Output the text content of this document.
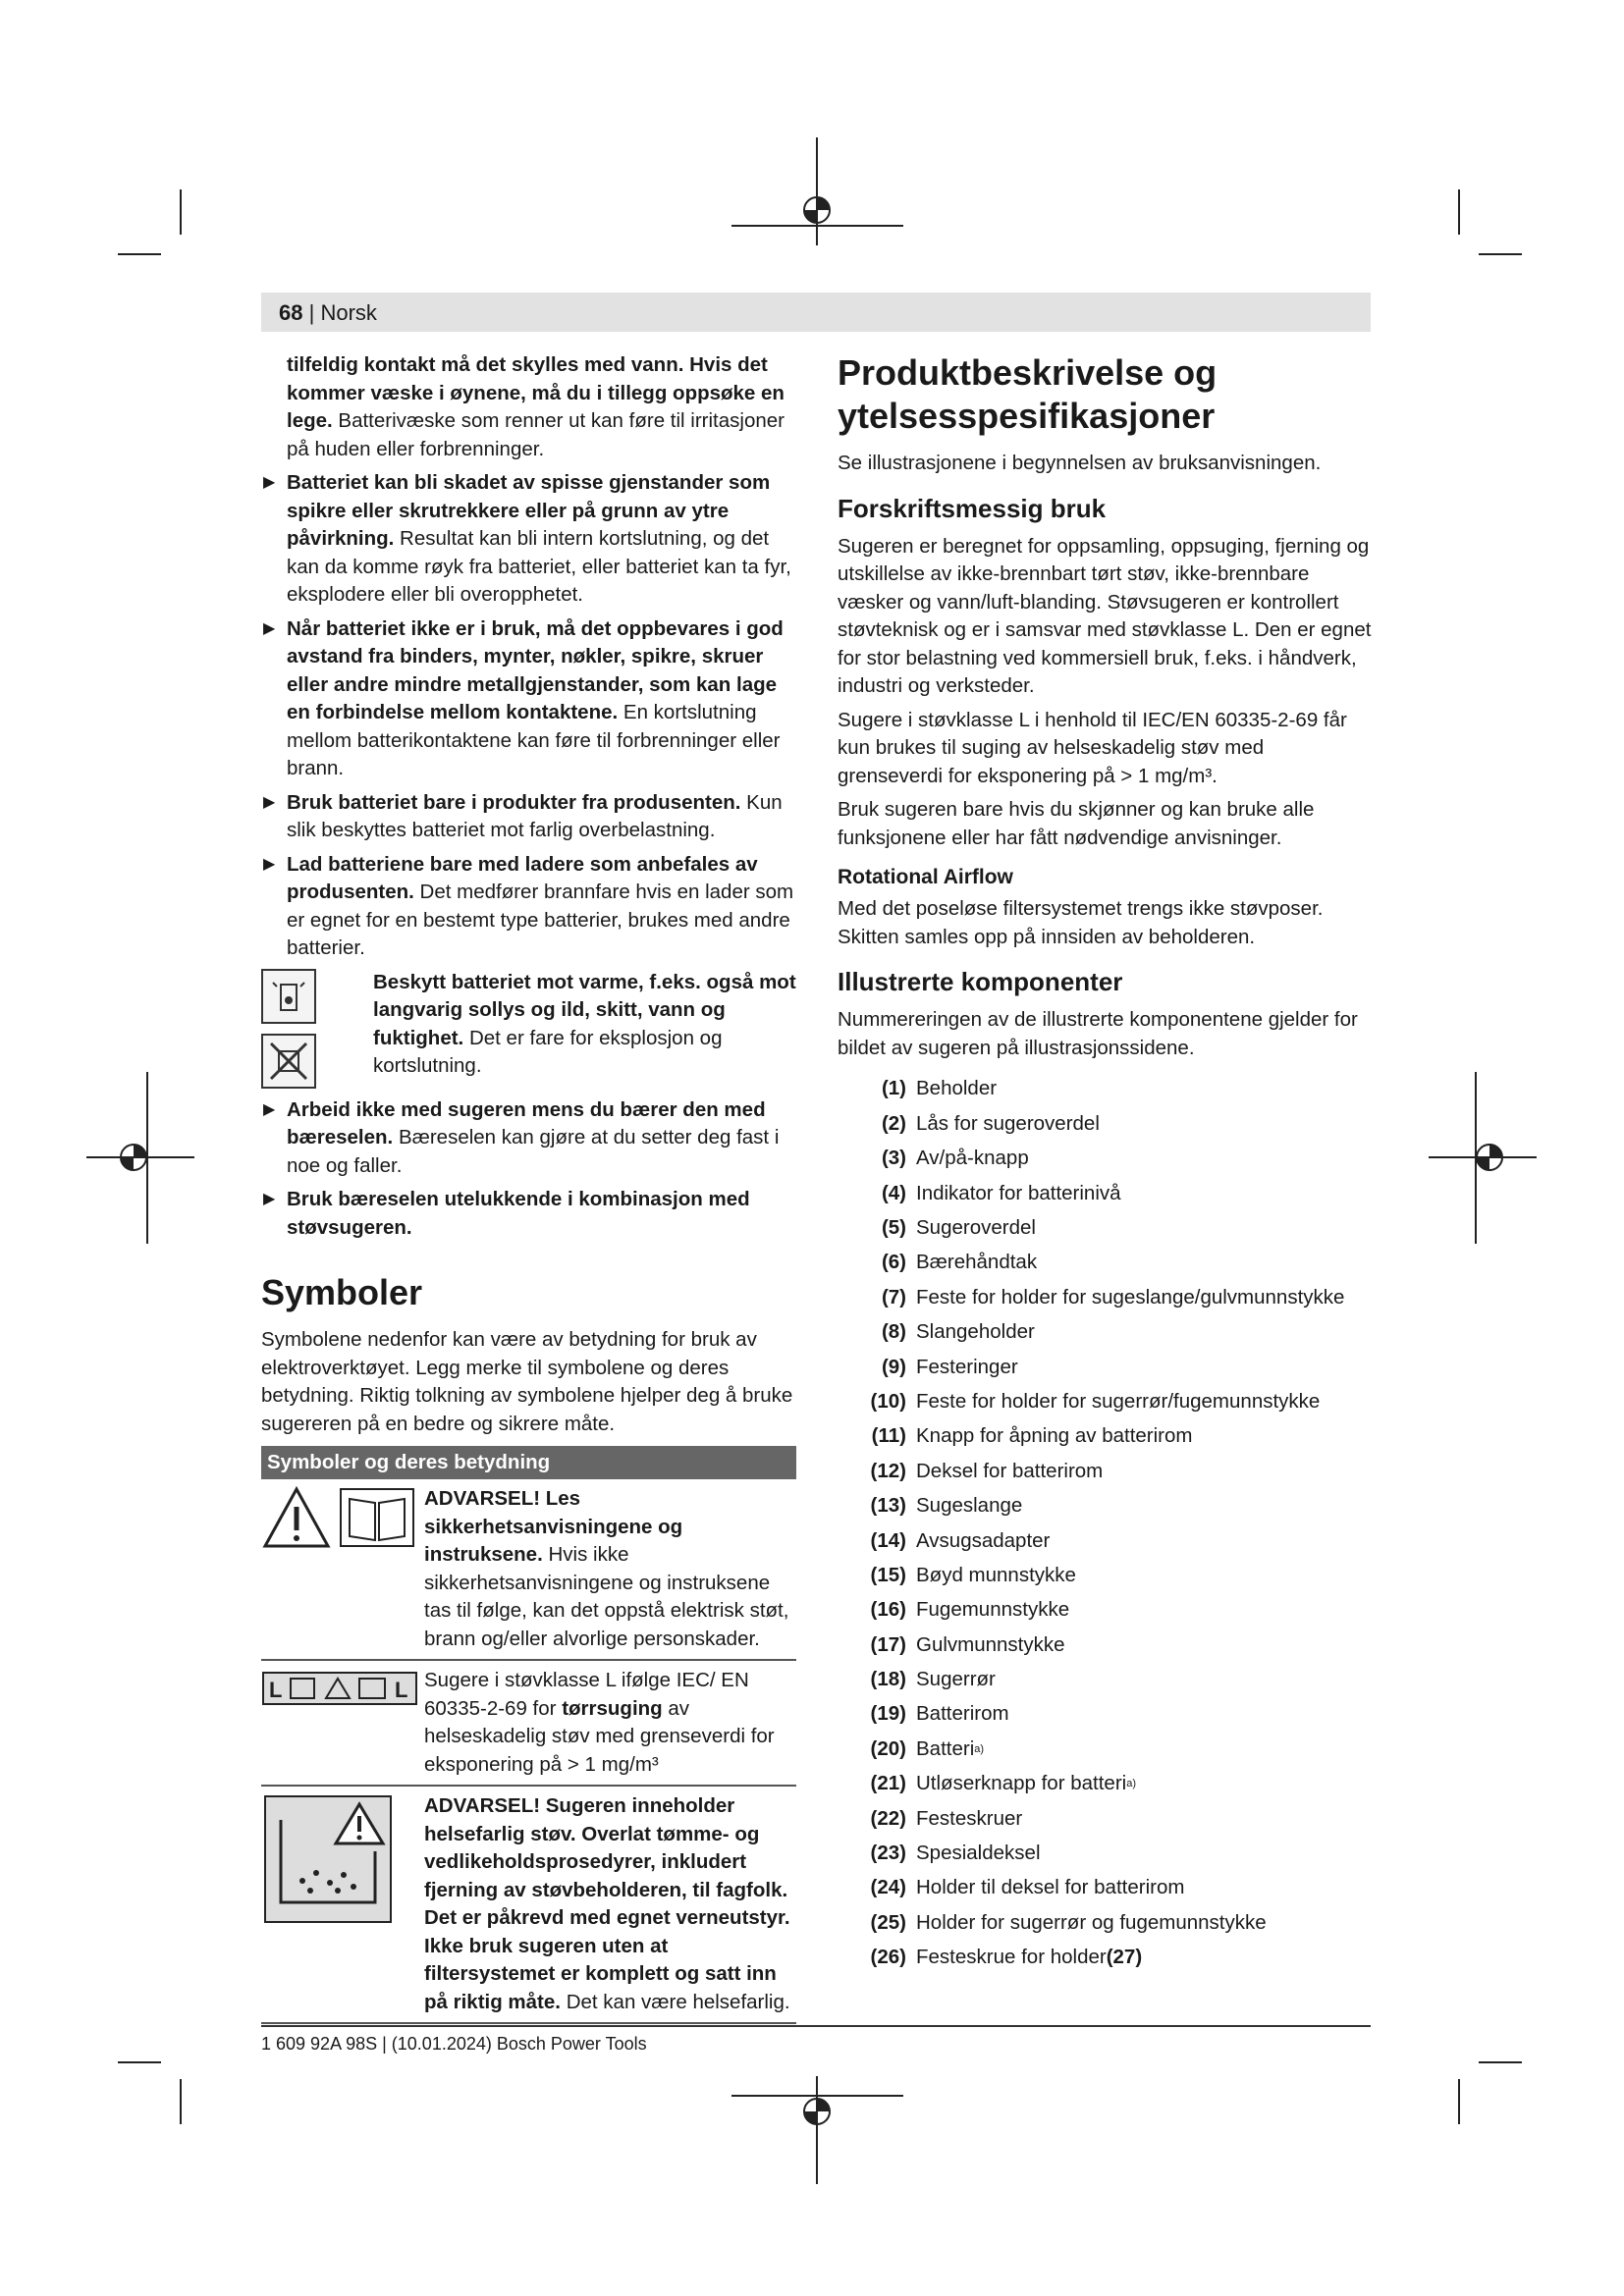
68 | Norsk

tilfeldig kontakt må det skylles med vann. Hvis det kommer væske i øynene, må du i tillegg oppsøke en lege. Batterivæske som renner ut kan føre til irritasjoner på huden eller forbrenninger.

▶ Batteriet kan bli skadet av spisse gjenstander som spikre eller skrutrekkere eller på grunn av ytre påvirkning. Resultat kan bli intern kortslutning, og det kan da komme røyk fra batteriet, eller batteriet kan ta fyr, eksplodere eller bli overopphetet.
▶ Når batteriet ikke er i bruk, må det oppbevares i god avstand fra binders, mynter, nøkler, spikre, skruer eller andre mindre metallgjenstander, som kan lage en forbindelse mellom kontaktene. En kortslutning mellom batterikontaktene kan føre til forbrenninger eller brann.
▶ Bruk batteriet bare i produkter fra produsenten. Kun slik beskyttes batteriet mot farlig overbelastning.
▶ Lad batteriene bare med ladere som anbefales av produsenten. Det medfører brannfare hvis en lader som er egnet for en bestemt type batterier, brukes med andre batterier.
Beskytt batteriet mot varme, f.eks. også mot langvarig sollys og ild, skitt, vann og fuktighet. Det er fare for eksplosjon og kortslutning.
▶ Arbeid ikke med sugeren mens du bærer den med bæreselen. Bæreselen kan gjøre at du setter deg fast i noe og faller.
▶ Bruk bæreselen utelukkende i kombinasjon med støvsugeren.
Symboler

Symbolene nedenfor kan være av betydning for bruk av elektroverktøyet. Legg merke til symbolene og deres betydning. Riktig tolkning av symbolene hjelper deg å bruke sugereren på en bedre og sikrere måte.

Symboler og deres betydning
ADVARSEL! Les sikkerhetsanvisningene og instruksene. Hvis ikke sikkerhetsanvisningene og instruksene tas til følge, kan det oppstå elektrisk støt, brann og/eller alvorlige personskader.
L	L Sugere i støvklasse L ifølge IEC/ EN 60335-2-69 for tørrsuging av helseskadelig støv med grenseverdi for eksponering på > 1 mg/m³
ADVARSEL! Sugeren inneholder helsefarlig støv. Overlat tømme- og vedlikeholdsprosedyrer, inkludert fjerning av støvbeholderen, til fagfolk. Det er påkrevd med egnet verneutstyr. Ikke bruk sugeren uten at filtersystemet er komplett og satt inn på riktig måte. Det kan være helsefarlig.
Produktbeskrivelse og ytelsesspesifikasjoner

Se illustrasjonene i begynnelsen av bruksanvisningen.

Forskriftsmessig bruk

Sugeren er beregnet for oppsamling, oppsuging, fjerning og utskillelse av ikke-brennbart tørt støv, ikke-brennbare væsker og vann/luft-blanding. Støvsugeren er kontrollert støvteknisk og er i samsvar med støvklasse L. Den er egnet for stor belastning ved kommersiell bruk, f.eks. i håndverk, industri og verksteder.

Sugere i støvklasse L i henhold til IEC/EN 60335-2-69 får kun brukes til suging av helseskadelig støv med grenseverdi for eksponering på > 1 mg/m³.

Bruk sugeren bare hvis du skjønner og kan bruke alle funksjonene eller har fått nødvendige anvisninger.

Rotational Airflow

Med det poseløse filtersystemet trengs ikke støvposer. Skitten samles opp på innsiden av beholderen.

Illustrerte komponenter

Nummereringen av de illustrerte komponentene gjelder for bildet av sugeren på illustrasjonssidene.

(1) Beholder
(2) Lås for sugeroverdel
(3) Av/på-knapp
(4) Indikator for batterinivå
(5) Sugeroverdel
(6) Bærehåndtak
(7) Feste for holder for sugeslange/gulvmunnstykke
(8) Slangeholder
(9) Festeringer
(10) Feste for holder for sugerrør/fugemunnstykke
(11) Knapp for åpning av batterirom
(12) Deksel for batterirom
(13) Sugeslange
(14) Avsugsadapter
(15) Bøyd munnstykke
(16) Fugemunnstykke
(17) Gulvmunnstykke
(18) Sugerrør
(19) Batterirom
(20) Batteri a)
(21) Utløserknapp for batteri a)
(22) Festeskruer
(23) Spesialdeksel
(24) Holder til deksel for batterirom
(25) Holder for sugerrør og fugemunnstykke
(26) Festeskrue for holder (27)
1 609 92A 98S | (10.01.2024) Bosch Power Tools
